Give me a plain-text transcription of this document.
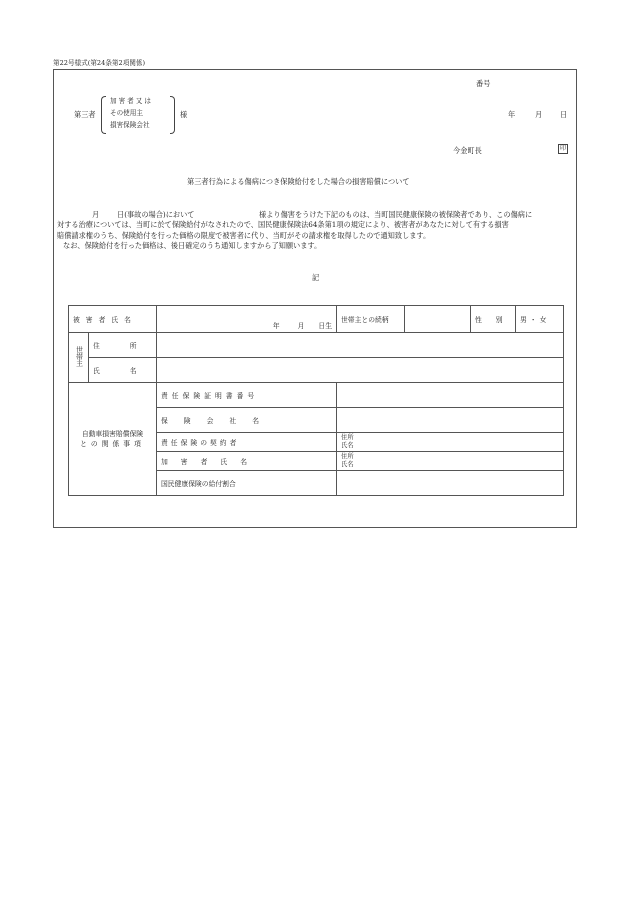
第22号様式(第24条第2項関係)
番号
第三者
加害者又は
その使用主
損害保険会社
様	年	月 日
今金町長	印
第三者行為による傷病につき保険給付をした場合の損害賠償について
月 日(事故の場合)において	様より傷害をうけた下記のものは、当町国民健康保険の被保険者であり、この傷病に
対する治療については、当町に於て保険給付がなされたので、国民健康保険法64条第1項の規定により、被害者があなたに対して有する損害
賠償請求権のうち、保険給付を行った価格の限度で被害者に代り、当町がその請求権を取得したので通知致します。
なお、保険給付を行った価格は、後日確定のうち通知しますから了知願います。
記
被害者氏名		年 月 日生	世帯主との続柄		性別	男・女
世帯主	住所					
	氏名					

自動車損害賠償保険
との関係事項		責任保険証明書番号				
		保険会社名				
		責任保険の契約者	住所
氏名			

		加害者氏名	住所
氏名			

		国民健康保険の給付割合				
